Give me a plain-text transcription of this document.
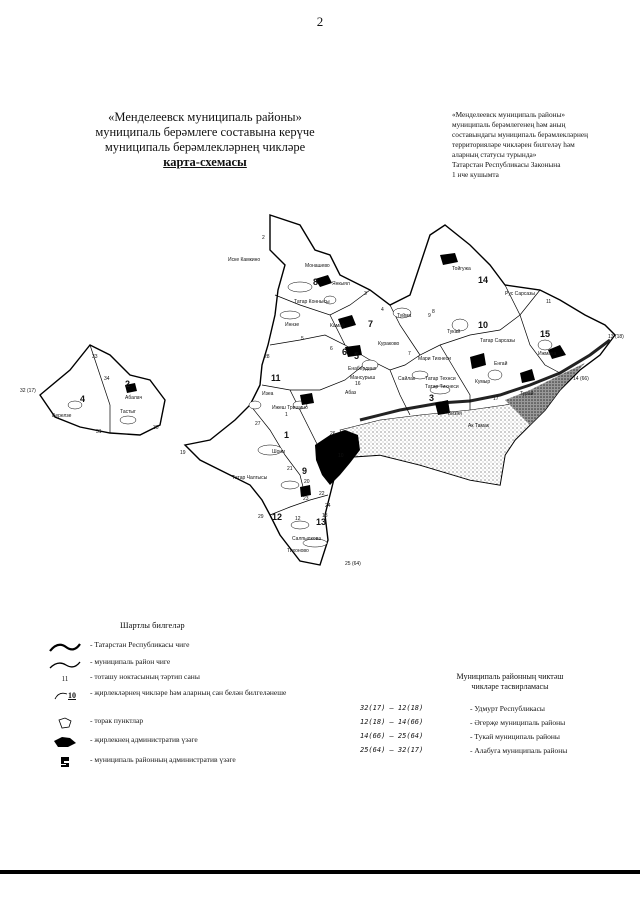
2
«Менделеевск муниципаль районы»
муниципаль берәмлеге составына керүче
муниципаль берәмлекләрнең чикләре
карта-схемасы
«Менделеевск муниципаль районы»
муниципаль берәмлегенең һәм аның
составындагы муниципаль берәмлекләрнең
территорияләре чикләрен билгеләү һәм
аларның статусы турында»
Татарстан Республикасы Законына
1 нче кушымта
1
2
3
4
5
6
7
8
9
10
11
12	13
14
15
1
2
3
4
5
6
7
8
9
10
11
12	13
16
17
19
20
21
22
23
24
26
27
28
29
30
31
33
34
32 (17)
13 (18)
14 (66)
25 (64)
Иске Камкино
Монашево
Янкыял
Татар Коннысы
Иннзе	Камай
Туйма
Тойгужа
Рус Сарсазы
Тукай
Татар Сарсазы
Енгай
Ижмака
Кураково
Енабердино
Мансурыш
Кумыр
Татар Технси
Турай
Бизәя
Ак Тамак
Абалач
Верелзе
Тастыг
Ижеш Тришино
Изеа
Шони
Татар Чалгысы
Салпылкова
Тихоново
Сайлак
Татар Тихнеси
Мари Тихнеси
Абаз
Шартлы билгеләр
- Татарстан Республикасы чиге
- муниципаль район чиге
11	- тоташу ноктасының тәртип саны
10 - җирлекләрнең чикләре һәм аларның сан белән билгеләнеше
- торак пунктлар
- җирлекнең административ үзәге
- муниципаль районның административ үзәге
Муниципаль районның чиктәш
чикләре тасвирламасы
32(17) – 12(18)	- Удмурт Республикасы
12(18) – 14(66)	- Әгерҗе муниципаль районы
14(66) – 25(64)	- Тукай муниципаль районы
25(64) – 32(17)	- Алабуга муниципаль районы
